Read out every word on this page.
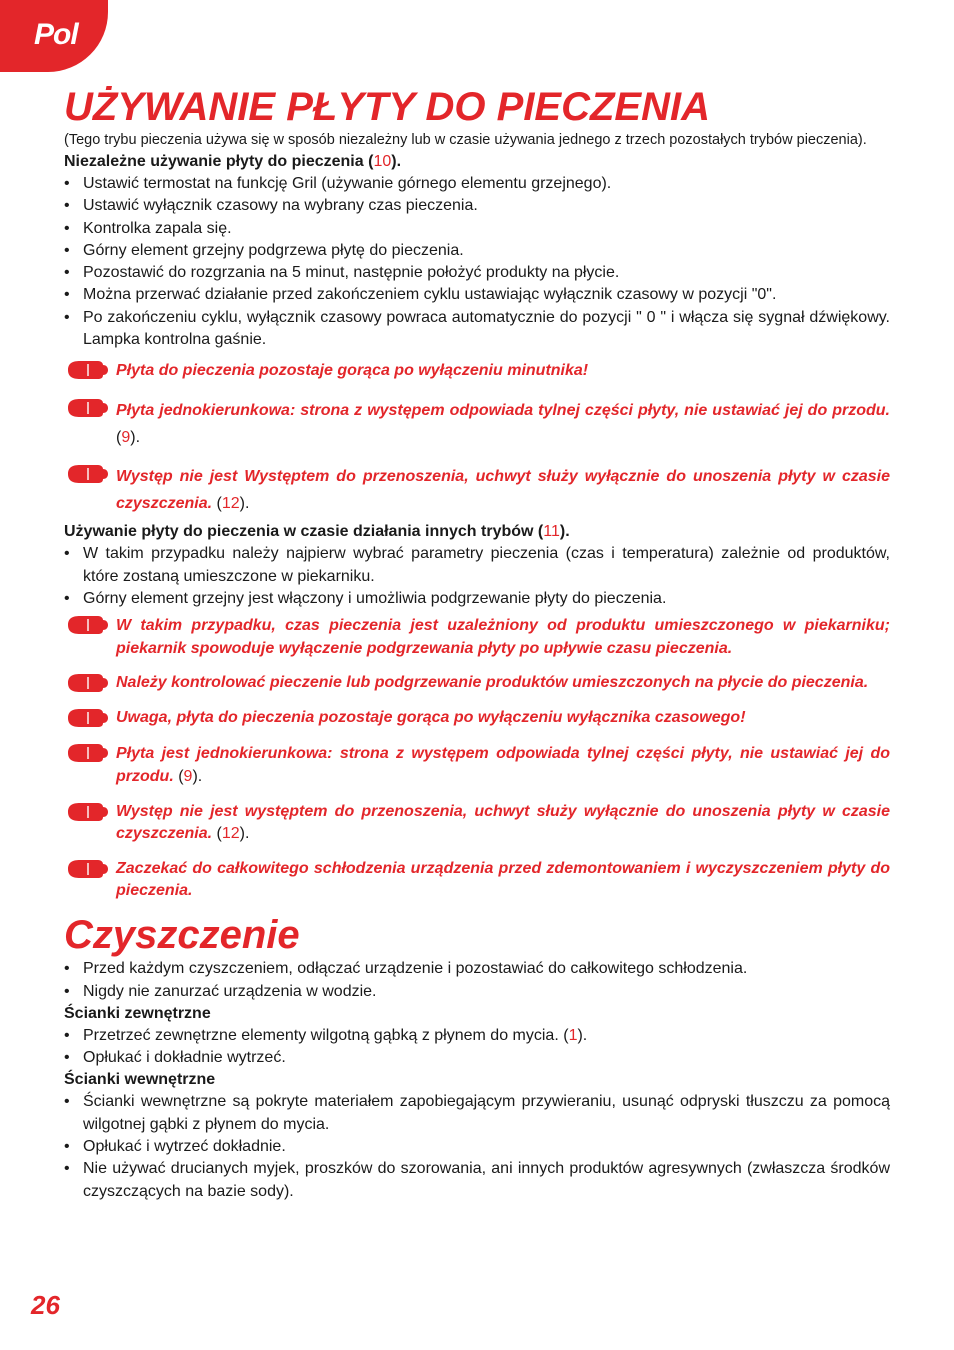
Pol
UŻYWANIE PŁYTY DO PIECZENIA

(Tego trybu pieczenia używa się w sposób niezależny lub w czasie używania jednego z trzech pozostałych trybów pieczenia).

Niezależne używanie płyty do pieczenia (10).

• Ustawić termostat na funkcję Gril (używanie górnego elementu grzejnego).
• Ustawić wyłącznik czasowy na wybrany czas pieczenia.
• Kontrolka zapala się.
• Górny element grzejny podgrzewa płytę do pieczenia.
• Pozostawić do rozgrzania na 5 minut, następnie położyć produkty na płycie.
• Można przerwać działanie przed zakończeniem cyklu ustawiając wyłącznik czasowy w pozycji "0".
• Po zakończeniu cyklu, wyłącznik czasowy powraca automatycznie do pozycji " 0 " i włącza się sygnał dźwiękowy. Lampka kontrolna gaśnie.

Płyta do pieczenia pozostaje gorąca po wyłączeniu minutnika!

Płyta jednokierunkowa: strona z występem odpowiada tylnej części płyty, nie ustawiać jej do przodu. (9).

Występ nie jest Występtem do przenoszenia, uchwyt służy wyłącznie do unoszenia płyty w czasie czyszczenia. (12).

Używanie płyty do pieczenia w czasie działania innych trybów (11).

• W takim przypadku należy najpierw wybrać parametry pieczenia (czas i temperatura) zależnie od produktów, które zostaną umieszczone w piekarniku.
• Górny element grzejny jest włączony i umożliwia podgrzewanie płyty do pieczenia.

W takim przypadku, czas pieczenia jest uzależniony od produktu umieszczonego w piekarniku; piekarnik spowoduje wyłączenie podgrzewania płyty po upływie czasu pieczenia.

Należy kontrolować pieczenie lub podgrzewanie produktów umieszczonych na płycie do pieczenia.

Uwaga, płyta do pieczenia pozostaje gorąca po wyłączeniu wyłącznika czasowego!

Płyta jest jednokierunkowa: strona z występem odpowiada tylnej części płyty, nie ustawiać jej do przodu. (9).

Występ nie jest występtem do przenoszenia, uchwyt służy wyłącznie do unoszenia płyty w czasie czyszczenia. (12).

Zaczekać do całkowitego schłodzenia urządzenia przed zdemontowaniem i wyczyszczeniem płyty do pieczenia.

Czyszczenie
• Przed każdym czyszczeniem, odłączać urządzenie i pozostawiać do całkowitego schłodzenia.
• Nigdy nie zanurzać urządzenia w wodzie.

Ścianki zewnętrzne

• Przetrzeć zewnętrzne elementy wilgotną gąbką z płynem do mycia. (1).
• Opłukać i dokładnie wytrzeć.

Ścianki wewnętrzne

• Ścianki wewnętrzne są pokryte materiałem zapobiegającym przywieraniu, usunąć odpryski tłuszczu za pomocą wilgotnej gąbki z płynem do mycia.
• Opłukać i wytrzeć dokładnie.
• Nie używać drucianych myjek, proszków do szorowania, ani innych produktów agresywnych (zwłaszcza środków czyszczących na bazie sody).
26
